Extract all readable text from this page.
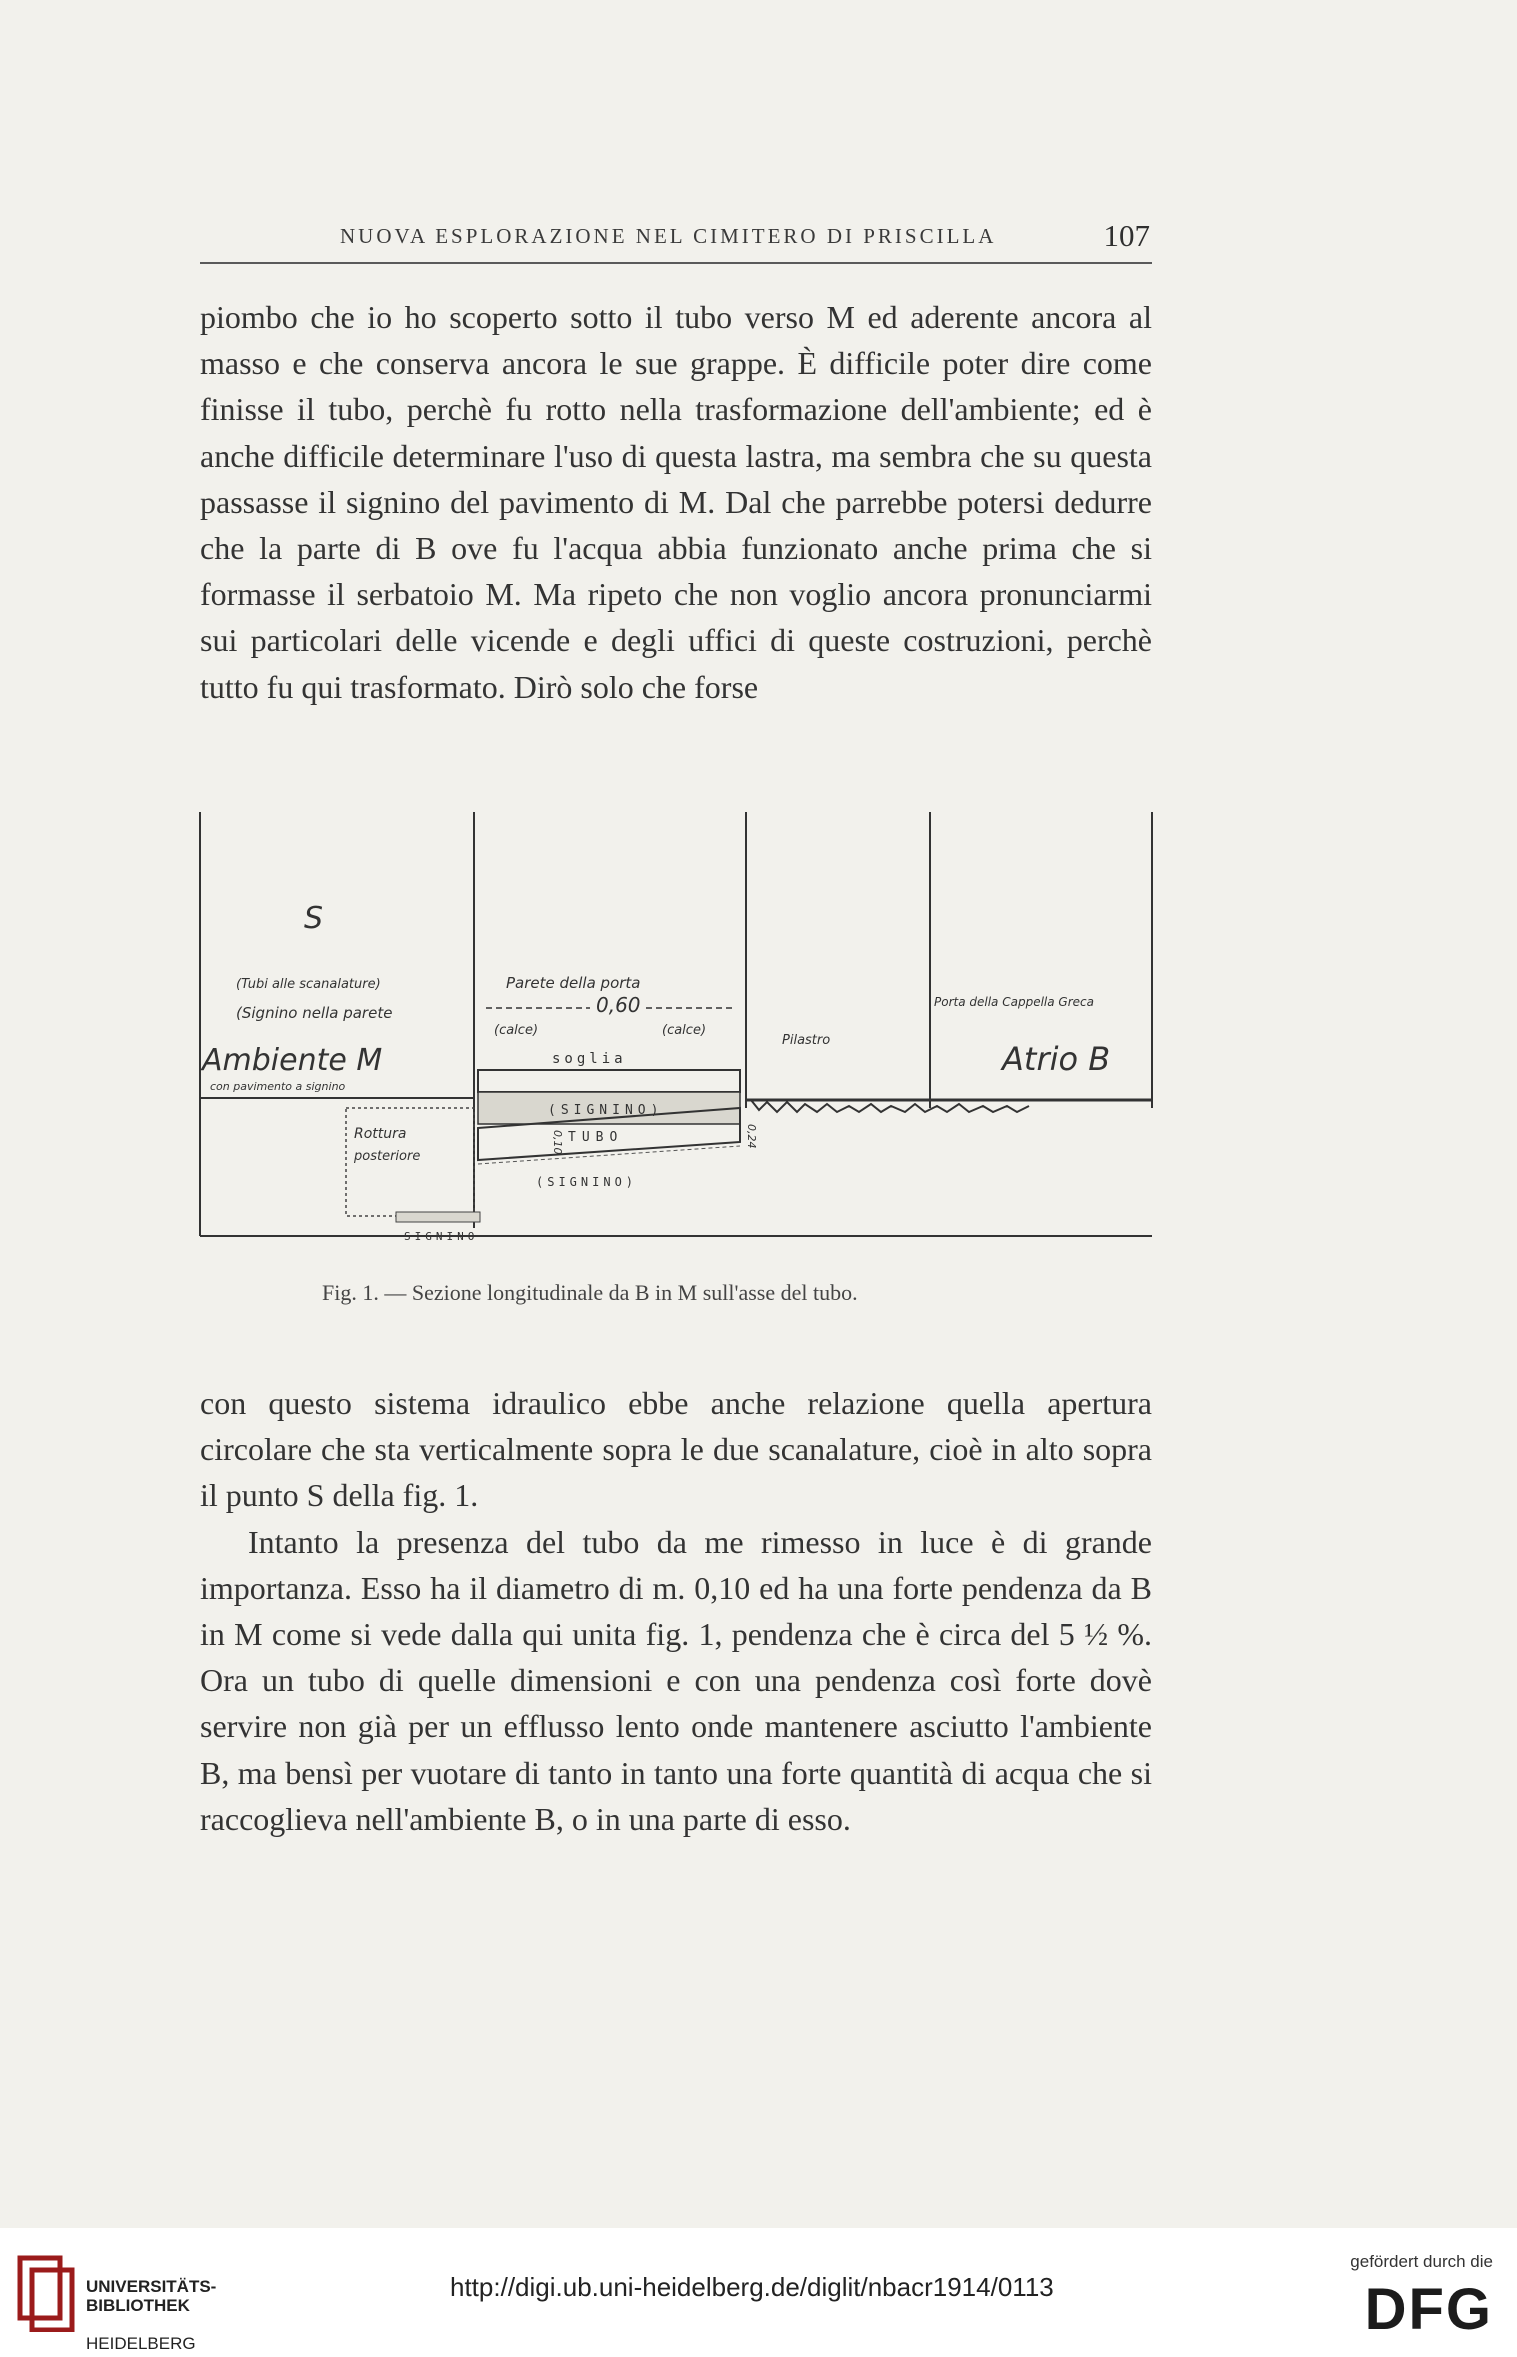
NUOVA ESPLORAZIONE NEL CIMITERO DI PRISCILLA	107

piombo che io ho scoperto sotto il tubo verso M ed aderente ancora al masso e che conserva ancora le sue grappe. È difficile poter dire come finisse il tubo, perchè fu rotto nella trasformazione dell'ambiente; ed è anche difficile determinare l'uso di questa lastra, ma sembra che su questa passasse il signino del pavimento di M. Dal che parrebbe potersi dedurre che la parte di B ove fu l'acqua abbia funzionato anche prima che si formasse il serbatoio M. Ma ripeto che non voglio ancora pronunciarmi sui particolari delle vicende e degli uffici di queste costruzioni, perchè tutto fu qui trasformato. Dirò solo che forse

S
(Tubi alle scanalature)
(Signino nella parete
Ambiente M
con pavimento a signino
Parete della porta
0,60
(calce)	(calce)
soglia
(SIGNINO)
TUBO
(SIGNINO)
Rottura
posteriore
SIGNINO
Pilastro
Porta della Cappella Greca
Atrio B
0,24
0,10
Fig. 1. — Sezione longitudinale da B in M sull'asse del tubo.

con questo sistema idraulico ebbe anche relazione quella apertura circolare che sta verticalmente sopra le due scanalature, cioè in alto sopra il punto S della fig. 1.

Intanto la presenza del tubo da me rimesso in luce è di grande importanza. Esso ha il diametro di m. 0,10 ed ha una forte pendenza da B in M come si vede dalla qui unita fig. 1, pendenza che è circa del 5 ½ %. Ora un tubo di quelle dimensioni e con una pendenza così forte dovè servire non già per un efflusso lento onde mantenere asciutto l'ambiente B, ma bensì per vuotare di tanto in tanto una forte quantità di acqua che si raccoglieva nell'ambiente B, o in una parte di esso.

UNIVERSITÄTS-
BIBLIOTHEK

HEIDELBERG

http://digi.ub.uni-heidelberg.de/diglit/nbacr1914/0113
gefördert durch die
DFG
